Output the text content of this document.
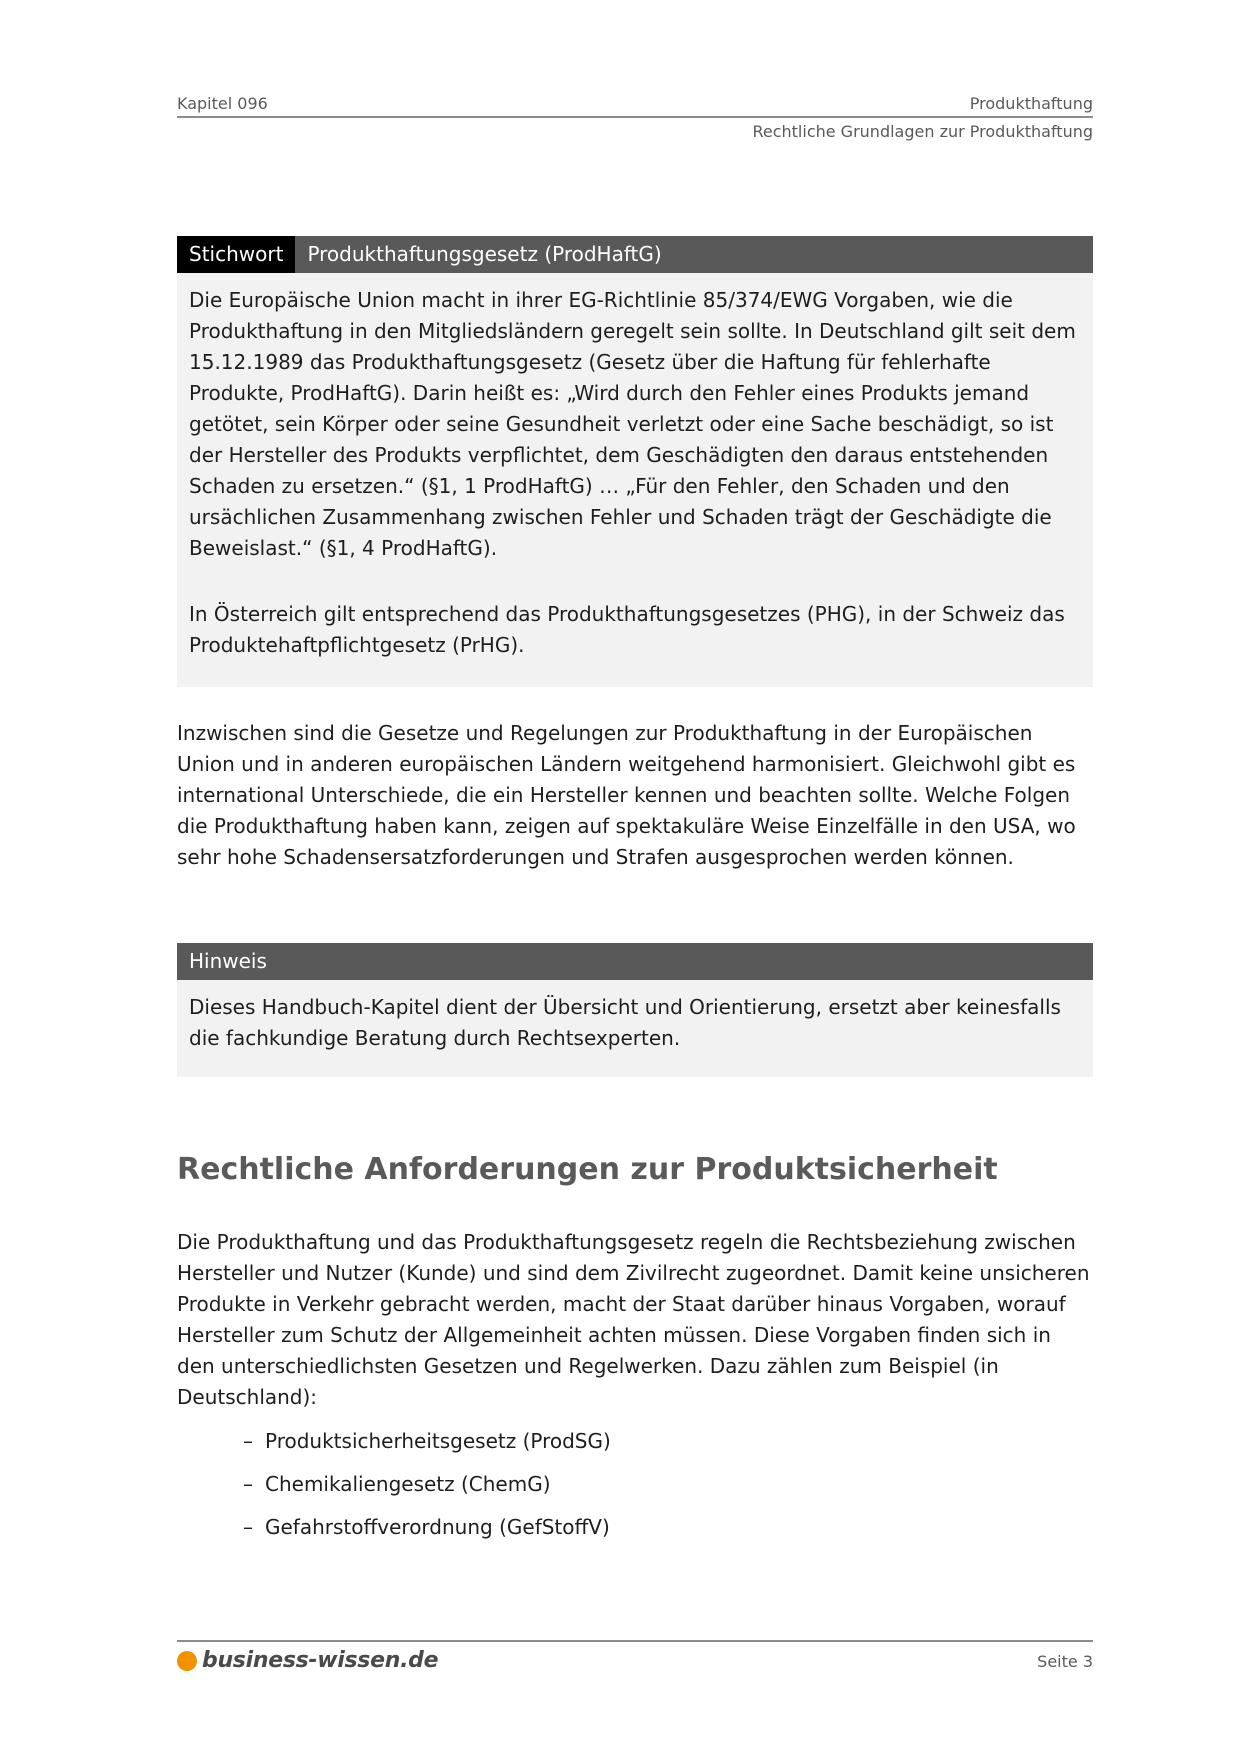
Kapitel 096	Produkthaftung
Rechtliche Grundlagen zur Produkthaftung
Stichwort	Produkthaftungsgesetz (ProdHaftG)

Die Europäische Union macht in ihrer EG-Richtlinie 85/374/EWG Vorgaben, wie die Produkthaftung in den Mitgliedsländern geregelt sein sollte. In Deutschland gilt seit dem 15.12.1989 das Produkthaftungsgesetz (Gesetz über die Haftung für fehlerhafte Produkte, ProdHaftG). Darin heißt es: „Wird durch den Fehler eines Produkts jemand getötet, sein Körper oder seine Gesundheit verletzt oder eine Sache beschädigt, so ist der Hersteller des Produkts verpflichtet, dem Geschädigten den daraus entstehenden Schaden zu ersetzen.“ (§1, 1 ProdHaftG) … „Für den Fehler, den Schaden und den ursächlichen Zusammenhang zwischen Fehler und Schaden trägt der Geschädigte die Beweislast.“ (§1, 4 ProdHaftG).

In Österreich gilt entsprechend das Produkthaftungsgesetzes (PHG), in der Schweiz das Produktehaftpflichtgesetz (PrHG).

Inzwischen sind die Gesetze und Regelungen zur Produkthaftung in der Europäischen Union und in anderen europäischen Ländern weitgehend harmonisiert. Gleichwohl gibt es international Unterschiede, die ein Hersteller kennen und beachten sollte. Welche Folgen die Produkthaftung haben kann, zeigen auf spektakuläre Weise Einzelfälle in den USA, wo sehr hohe Schadensersatzforderungen und Strafen ausgesprochen werden können.

Hinweis

Dieses Handbuch-Kapitel dient der Übersicht und Orientierung, ersetzt aber keinesfalls die fachkundige Beratung durch Rechtsexperten.

Rechtliche Anforderungen zur Produktsicherheit

Die Produkthaftung und das Produkthaftungsgesetz regeln die Rechtsbeziehung zwischen Hersteller und Nutzer (Kunde) und sind dem Zivilrecht zugeordnet. Damit keine unsicheren Produkte in Verkehr gebracht werden, macht der Staat darüber hinaus Vorgaben, worauf Hersteller zum Schutz der Allgemeinheit achten müssen. Diese Vorgaben finden sich in den unterschiedlichsten Gesetzen und Regelwerken. Dazu zählen zum Beispiel (in Deutschland):

– Produktsicherheitsgesetz (ProdSG)
– Chemikaliengesetz (ChemG)
– Gefahrstoffverordnung (GefStoffV)
business-wissen.de	Seite 3
